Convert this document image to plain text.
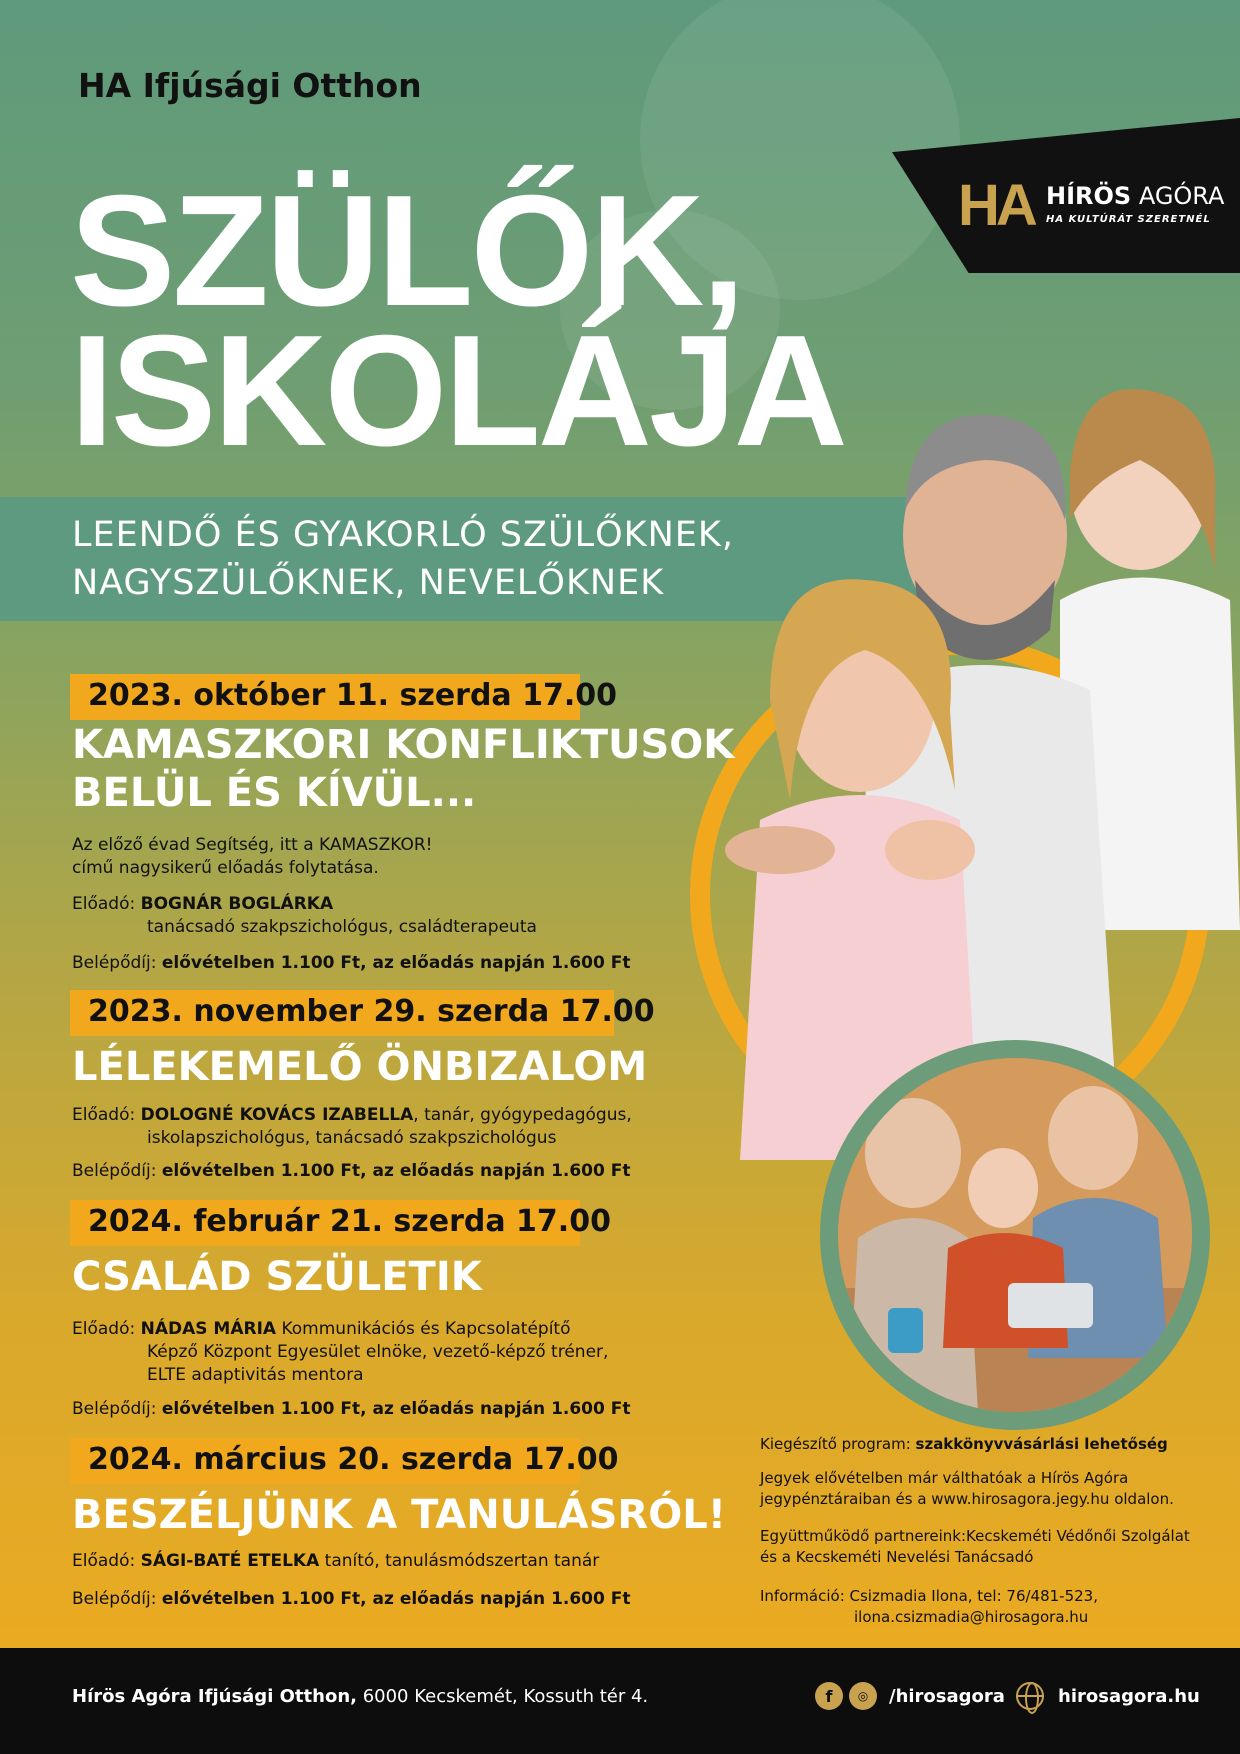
HA Ifjúsági Otthon
HA HÍRÖS AGÓRA
HA KULTÚRÁT SZERETNÉL
SZÜLŐK,
ISKOLÁJA
LEENDŐ ÉS GYAKORLÓ SZÜLŐKNEK,
NAGYSZÜLŐKNEK, NEVELŐKNEK
2023. október 11. szerda 17.00
KAMASZKORI KONFLIKTUSOK
BELÜL ÉS KÍVÜL...
Az előző évad Segítség, itt a KAMASZKOR!
című nagysikerű előadás folytatása.
Előadó: BOGNÁR BOGLÁRKA
tanácsadó szakpszichológus, családterapeuta
Belépődíj: elővételben 1.100 Ft, az előadás napján 1.600 Ft
2023. november 29. szerda 17.00
LÉLEKEMELŐ ÖNBIZALOM
Előadó: DOLOGNÉ KOVÁCS IZABELLA, tanár, gyógypedagógus,
iskolapszichológus, tanácsadó szakpszichológus
Belépődíj: elővételben 1.100 Ft, az előadás napján 1.600 Ft
2024. február 21. szerda 17.00
CSALÁD SZÜLETIK
Előadó: NÁDAS MÁRIA Kommunikációs és Kapcsolatépítő
Képző Központ Egyesület elnöke, vezető-képző tréner,
ELTE adaptivitás mentora
Belépődíj: elővételben 1.100 Ft, az előadás napján 1.600 Ft
2024. március 20. szerda 17.00
BESZÉLJÜNK A TANULÁSRÓL!
Előadó: SÁGI-BATÉ ETELKA tanító, tanulásmódszertan tanár
Belépődíj: elővételben 1.100 Ft, az előadás napján 1.600 Ft
Kiegészítő program: szakkönyvvásárlási lehetőség
Jegyek elővételben már válthatóak a Hírös Agóra
jegypénztáraiban és a www.hirosagora.jegy.hu oldalon.
Együttműködő partnereink:Kecskeméti Védőnői Szolgálat
és a Kecskeméti Nevelési Tanácsadó
Információ: Csizmadia Ilona, tel: 76/481-523,
ilona.csizmadia@hirosagora.hu
Hírös Agóra Ifjúsági Otthon, 6000 Kecskemét, Kossuth tér 4.	f	◎	/hirosagora	hirosagora.hu
